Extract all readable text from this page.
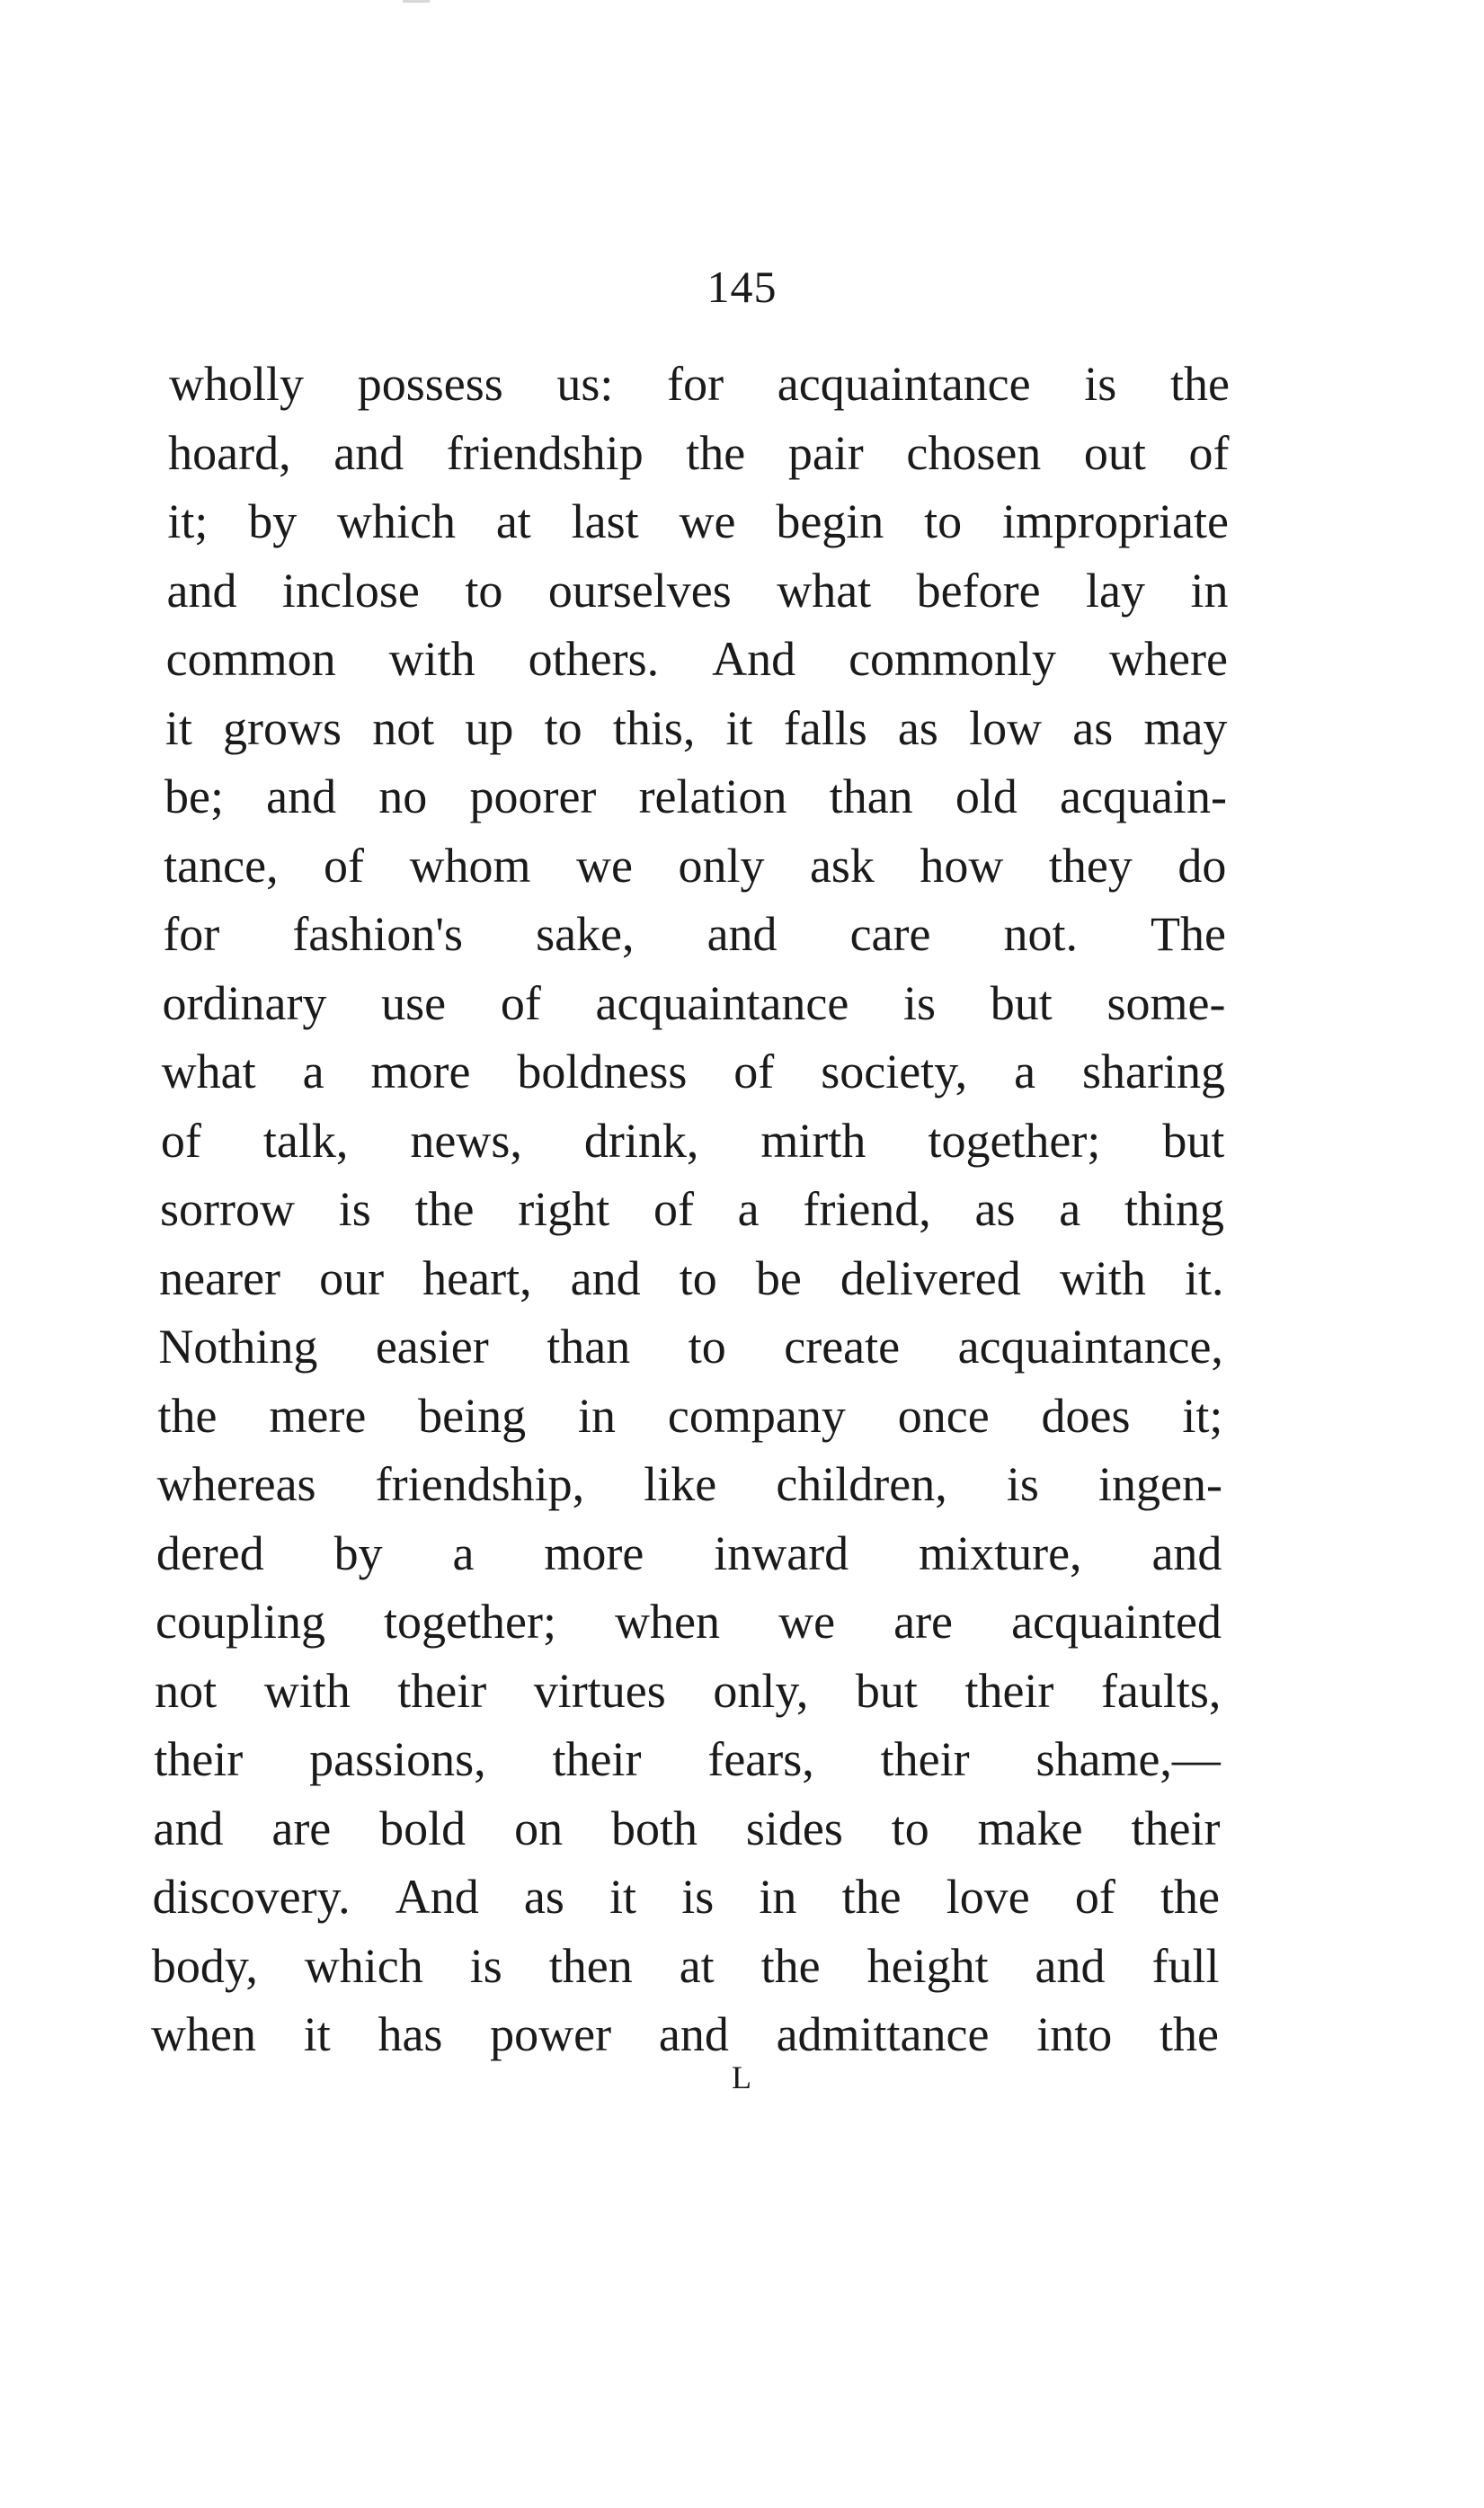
145
wholly possess us: for acquaintance is the
hoard, and friendship the pair chosen out of
it; by which at last we begin to impropriate
and inclose to ourselves what before lay in
common with others. And commonly where
it grows not up to this, it falls as low as may
be; and no poorer relation than old acquain-
tance, of whom we only ask how they do
for fashion's sake, and care not. The
ordinary use of acquaintance is but some-
what a more boldness of society, a sharing
of talk, news, drink, mirth together; but
sorrow is the right of a friend, as a thing
nearer our heart, and to be delivered with it.
Nothing easier than to create acquaintance,
the mere being in company once does it;
whereas friendship, like children, is ingen-
dered by a more inward mixture, and
coupling together; when we are acquainted
not with their virtues only, but their faults,
their passions, their fears, their shame,—
and are bold on both sides to make their
discovery. And as it is in the love of the
body, which is then at the height and full
when it has power and admittance into the
L
